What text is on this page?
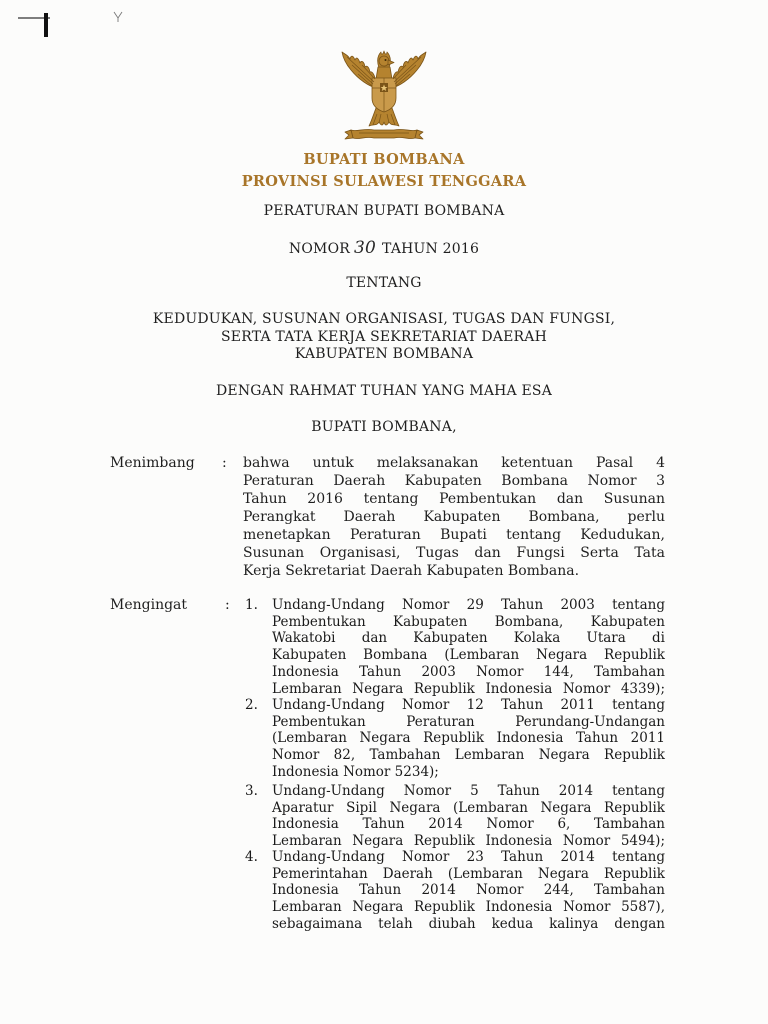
BUPATI BOMBANA
PROVINSI SULAWESI TENGGARA
PERATURAN BUPATI BOMBANA
NOMOR 30 TAHUN 2016
TENTANG
KEDUDUKAN, SUSUNAN ORGANISASI, TUGAS DAN FUNGSI,
SERTA TATA KERJA SEKRETARIAT DAERAH
KABUPATEN BOMBANA
DENGAN RAHMAT TUHAN YANG MAHA ESA
BUPATI BOMBANA,
Menimbang : bahwa untuk melaksanakan ketentuan Pasal 4
Peraturan Daerah Kabupaten Bombana Nomor 3
Tahun 2016 tentang Pembentukan dan Susunan
Perangkat Daerah Kabupaten Bombana, perlu
menetapkan Peraturan Bupati tentang Kedudukan,
Susunan Organisasi, Tugas dan Fungsi Serta Tata
Kerja Sekretariat Daerah Kabupaten Bombana.
Mengingat	: 1. Undang-Undang Nomor 29 Tahun 2003 tentang
Pembentukan Kabupaten Bombana, Kabupaten
Wakatobi dan Kabupaten Kolaka Utara di
Kabupaten Bombana (Lembaran Negara Republik
Indonesia Tahun 2003 Nomor 144, Tambahan
Lembaran Negara Republik Indonesia Nomor 4339);
2. Undang-Undang Nomor 12 Tahun 2011 tentang
Pembentukan Peraturan Perundang-Undangan
(Lembaran Negara Republik Indonesia Tahun 2011
Nomor 82, Tambahan Lembaran Negara Republik
Indonesia Nomor 5234);
3. Undang-Undang Nomor 5 Tahun 2014 tentang
Aparatur Sipil Negara (Lembaran Negara Republik
Indonesia Tahun 2014 Nomor 6, Tambahan
Lembaran Negara Republik Indonesia Nomor 5494);
4. Undang-Undang Nomor 23 Tahun 2014 tentang
Pemerintahan Daerah (Lembaran Negara Republik
Indonesia Tahun 2014 Nomor 244, Tambahan
Lembaran Negara Republik Indonesia Nomor 5587),
sebagaimana telah diubah kedua kalinya dengan
